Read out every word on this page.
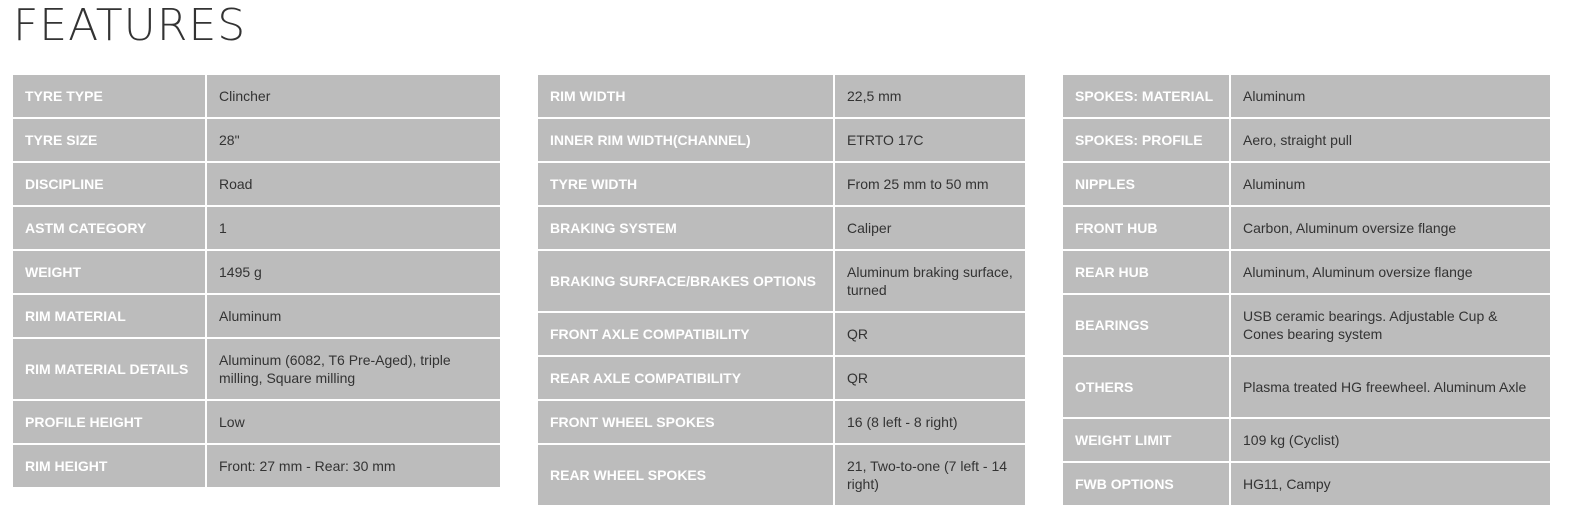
FEATURES
TYRE TYPE	Clincher
TYRE SIZE	28"
DISCIPLINE	Road
ASTM CATEGORY	1
WEIGHT	1495 g
RIM MATERIAL	Aluminum
RIM MATERIAL DETAILS	Aluminum (6082, T6 Pre-Aged), triple milling, Square milling
PROFILE HEIGHT	Low
RIM HEIGHT	Front: 27 mm - Rear: 30 mm
RIM WIDTH	22,5 mm
INNER RIM WIDTH(CHANNEL)	ETRTO 17C
TYRE WIDTH	From 25 mm to 50 mm
BRAKING SYSTEM	Caliper
BRAKING SURFACE/BRAKES OPTIONS	Aluminum braking surface, turned
FRONT AXLE COMPATIBILITY	QR
REAR AXLE COMPATIBILITY	QR
FRONT WHEEL SPOKES	16 (8 left - 8 right)
REAR WHEEL SPOKES	21, Two-to-one (7 left - 14 right)
SPOKES: MATERIAL	Aluminum
SPOKES: PROFILE	Aero, straight pull
NIPPLES	Aluminum
FRONT HUB	Carbon, Aluminum oversize flange
REAR HUB	Aluminum, Aluminum oversize flange
BEARINGS	USB ceramic bearings. Adjustable Cup & Cones bearing system
OTHERS	Plasma treated HG freewheel. Aluminum Axle
WEIGHT LIMIT	109 kg (Cyclist)
FWB OPTIONS	HG11, Campy
